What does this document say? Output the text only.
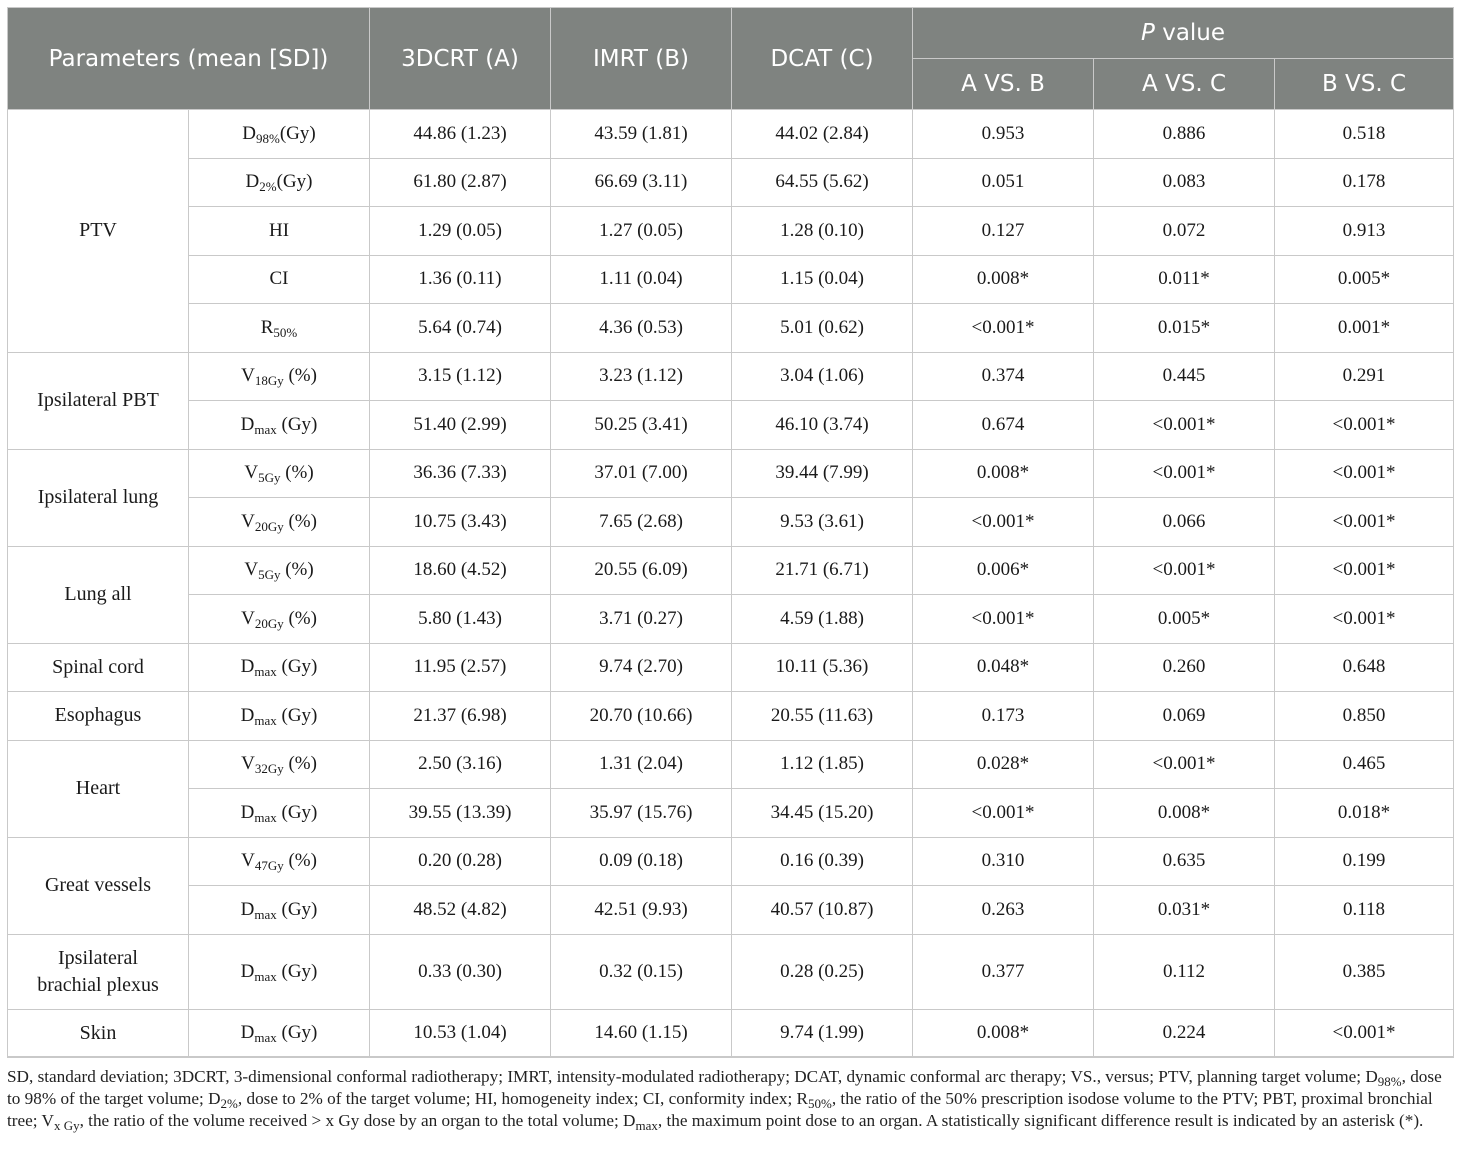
Parameters (mean [SD])		3DCRT (A)	IMRT (B)	DCAT (C)	P value		
					A VS. B	A VS. C	B VS. C
PTV	$D_{98\%}(Gy)$	44.86 (1.23)	43.59 (1.81)	44.02 (2.84)	0.953	0.886	0.518
	$D_{2\%}(Gy)$	61.80 (2.87)	66.69 (3.11)	64.55 (5.62)	0.051	0.083	0.178
	HI	1.29 (0.05)	1.27 (0.05)	1.28 (0.10)	0.127	0.072	0.913
	CI	1.36 (0.11)	1.11 (0.04)	1.15 (0.04)	0.008*	0.011*	0.005*
	$R_{50\%}$	5.64 (0.74)	4.36 (0.53)	5.01 (0.62)	<0.001*	0.015*	0.001*
Ipsilateral PBT	$V_{18Gy}$ (%)	3.15 (1.12)	3.23 (1.12)	3.04 (1.06)	0.374	0.445	0.291
	$D_{max}$ (Gy)	51.40 (2.99)	50.25 (3.41)	46.10 (3.74)	0.674	<0.001*	<0.001*
Ipsilateral lung	$V_{5Gy}$ (%)	36.36 (7.33)	37.01 (7.00)	39.44 (7.99)	0.008*	<0.001*	<0.001*
	$V_{20Gy}$ (%)	10.75 (3.43)	7.65 (2.68)	9.53 (3.61)	<0.001*	0.066	<0.001*
Lung all	$V_{5Gy}$ (%)	18.60 (4.52)	20.55 (6.09)	21.71 (6.71)	0.006*	<0.001*	<0.001*
	$V_{20Gy}$ (%)	5.80 (1.43)	3.71 (0.27)	4.59 (1.88)	<0.001*	0.005*	<0.001*
Spinal cord	$D_{max}$ (Gy)	11.95 (2.57)	9.74 (2.70)	10.11 (5.36)	0.048*	0.260	0.648
Esophagus	$D_{max}$ (Gy)	21.37 (6.98)	20.70 (10.66)	20.55 (11.63)	0.173	0.069	0.850
Heart	$V_{32Gy}$ (%)	2.50 (3.16)	1.31 (2.04)	1.12 (1.85)	0.028*	<0.001*	0.465
	$D_{max}$ (Gy)	39.55 (13.39)	35.97 (15.76)	34.45 (15.20)	<0.001*	0.008*	0.018*
Great vessels	$V_{47Gy}$ (%)	0.20 (0.28)	0.09 (0.18)	0.16 (0.39)	0.310	0.635	0.199
	$D_{max}$ (Gy)	48.52 (4.82)	42.51 (9.93)	40.57 (10.87)	0.263	0.031*	0.118
Ipsilateral
brachial plexus	$D_{max}$ (Gy)	0.33 (0.30)	0.32 (0.15)	0.28 (0.25)	0.377	0.112	0.385
Skin	$D_{max}$ (Gy)	10.53 (1.04)	14.60 (1.15)	9.74 (1.99)	0.008*	0.224	<0.001*
SD, standard deviation; 3DCRT, 3-dimensional conformal radiotherapy; IMRT, intensity-modulated radiotherapy; DCAT, dynamic conformal arc therapy; VS., versus; PTV, planning target volume; $D_{98\%}$, dose to 98% of the target volume; $D_{2\%}$, dose to 2% of the target volume; HI, homogeneity index; CI, conformity index; $R_{50\%}$, the ratio of the 50% prescription isodose volume to the PTV; PBT, proximal bronchial tree; $V_{x Gy}$, the ratio of the volume received > x Gy dose by an organ to the total volume; $D_{max}$, the maximum point dose to an organ. A statistically significant difference result is indicated by an asterisk (*).
